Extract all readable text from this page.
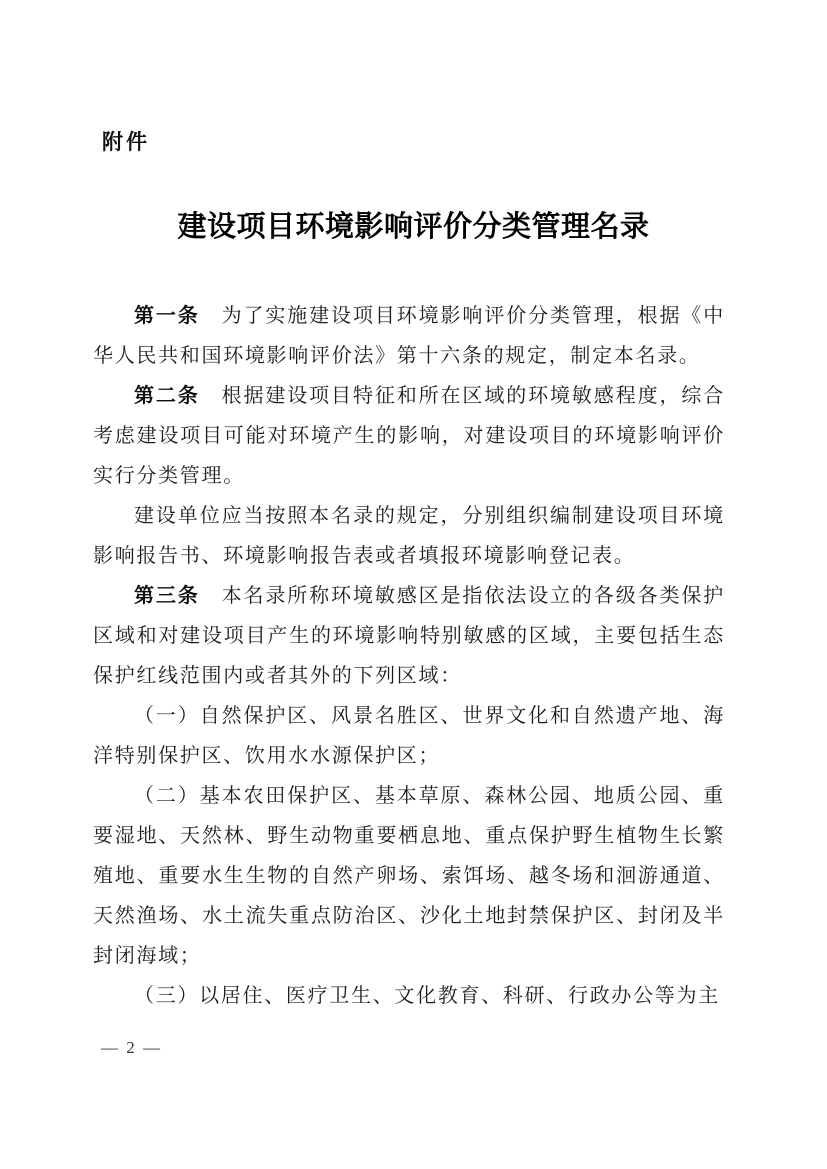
附件
建设项目环境影响评价分类管理名录

第一条　为了实施建设项目环境影响评价分类管理，根据《中华人民共和国环境影响评价法》第十六条的规定，制定本名录。

第二条　根据建设项目特征和所在区域的环境敏感程度，综合考虑建设项目可能对环境产生的影响，对建设项目的环境影响评价实行分类管理。

建设单位应当按照本名录的规定，分别组织编制建设项目环境影响报告书、环境影响报告表或者填报环境影响登记表。

第三条　本名录所称环境敏感区是指依法设立的各级各类保护区域和对建设项目产生的环境影响特别敏感的区域，主要包括生态保护红线范围内或者其外的下列区域：

（一）自然保护区、风景名胜区、世界文化和自然遗产地、海洋特别保护区、饮用水水源保护区；

（二）基本农田保护区、基本草原、森林公园、地质公园、重要湿地、天然林、野生动物重要栖息地、重点保护野生植物生长繁殖地、重要水生生物的自然产卵场、索饵场、越冬场和洄游通道、天然渔场、水土流失重点防治区、沙化土地封禁保护区、封闭及半封闭海域；

（三）以居住、医疗卫生、文化教育、科研、行政办公等为主

— 2 —
